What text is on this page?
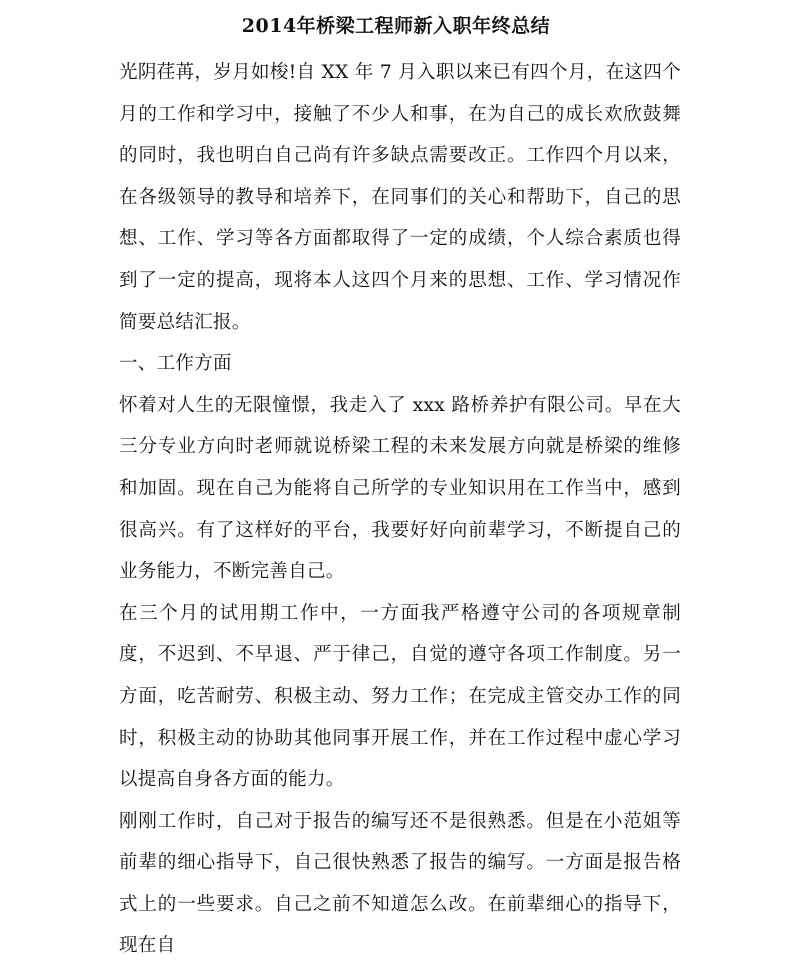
2014年桥梁工程师新入职年终总结

光阴荏苒，岁月如梭!自 XX 年 7 月入职以来已有四个月，在这四个月的工作和学习中，接触了不少人和事，在为自己的成长欢欣鼓舞的同时，我也明白自己尚有许多缺点需要改正。工作四个月以来，在各级领导的教导和培养下，在同事们的关心和帮助下，自己的思想、工作、学习等各方面都取得了一定的成绩，个人综合素质也得到了一定的提高，现将本人这四个月来的思想、工作、学习情况作简要总结汇报。

一、工作方面

怀着对人生的无限憧憬，我走入了 xxx 路桥养护有限公司。早在大三分专业方向时老师就说桥梁工程的未来发展方向就是桥梁的维修和加固。现在自己为能将自己所学的专业知识用在工作当中，感到很高兴。有了这样好的平台，我要好好向前辈学习，不断提自己的业务能力，不断完善自己。

在三个月的试用期工作中，一方面我严格遵守公司的各项规章制度，不迟到、不早退、严于律己，自觉的遵守各项工作制度。另一方面，吃苦耐劳、积极主动、努力工作；在完成主管交办工作的同时，积极主动的协助其他同事开展工作，并在工作过程中虚心学习以提高自身各方面的能力。

刚刚工作时，自己对于报告的编写还不是很熟悉。但是在小范姐等前辈的细心指导下，自己很快熟悉了报告的编写。一方面是报告格式上的一些要求。自己之前不知道怎么改。在前辈细心的指导下，现在自
